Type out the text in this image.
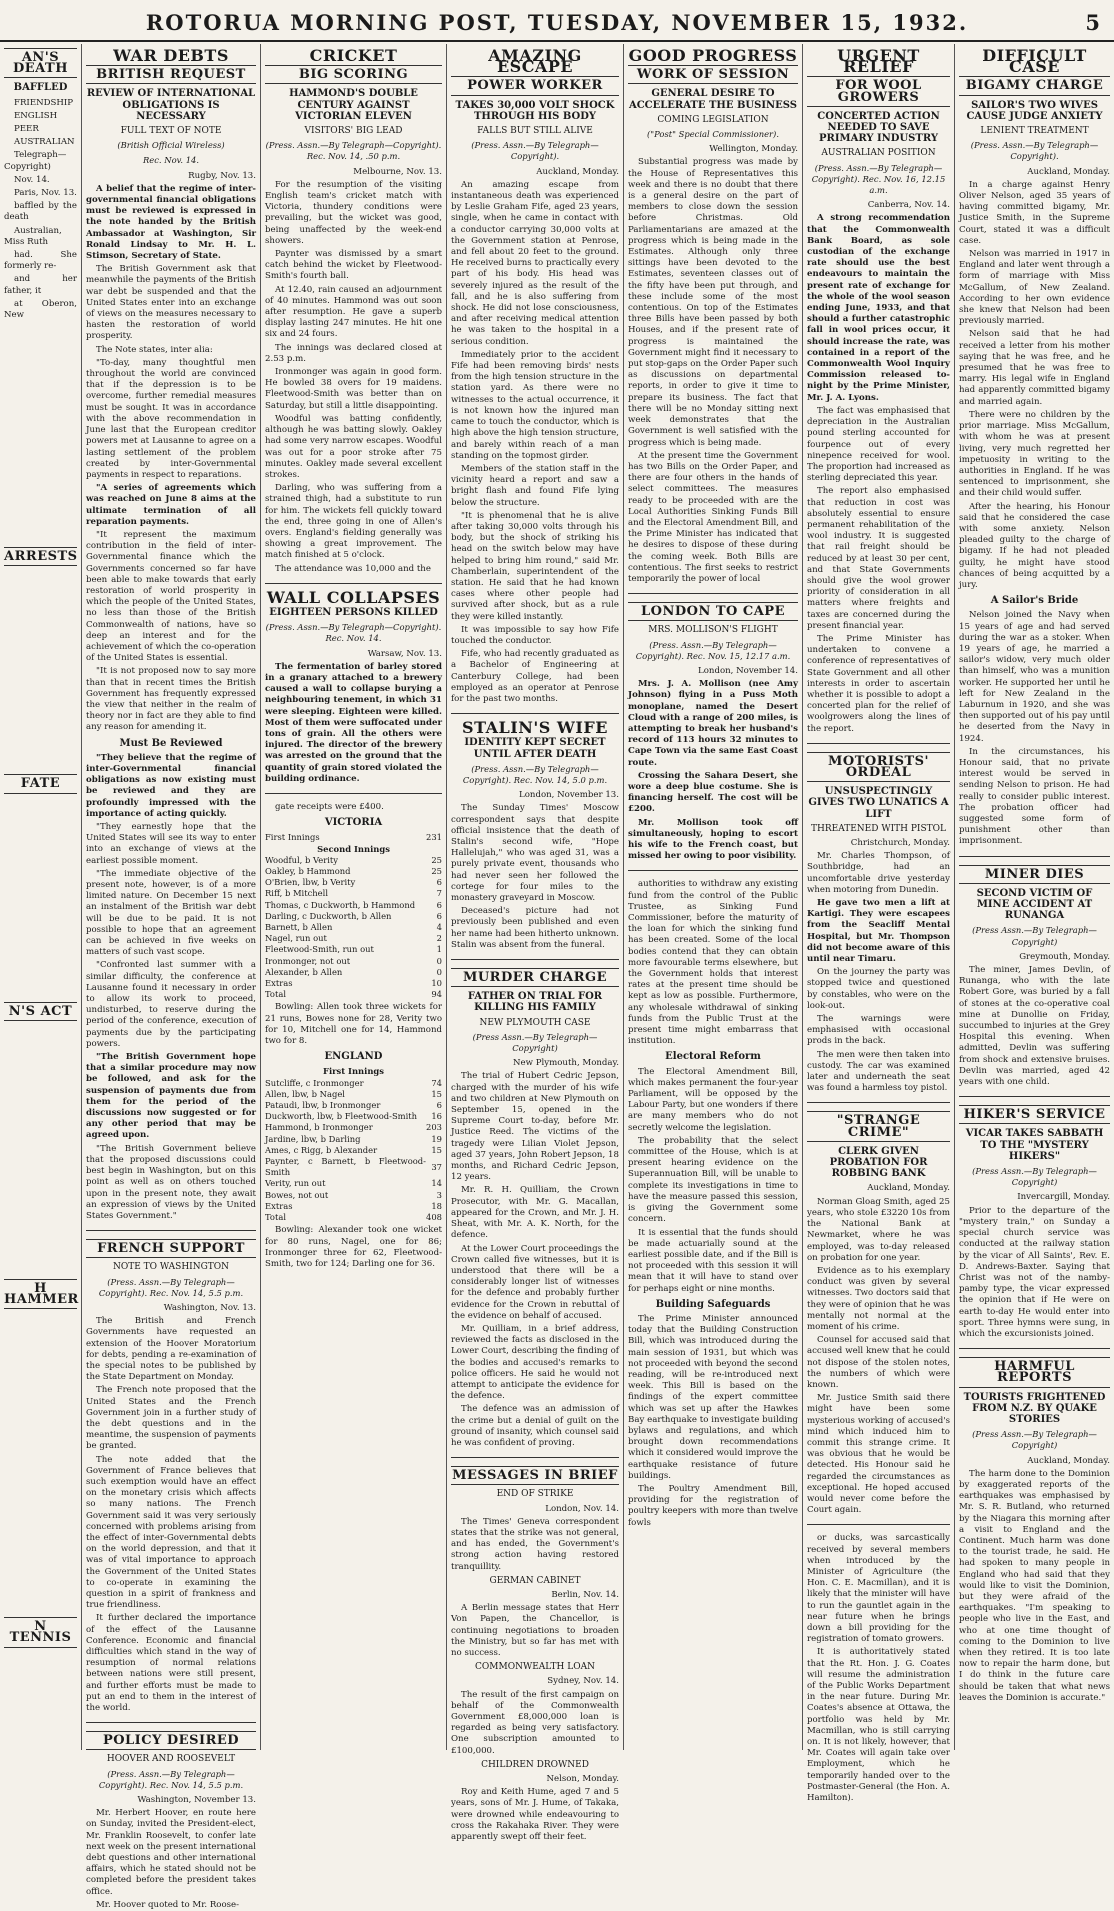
ROTORUA MORNING POST, TUESDAY, NOVEMBER 15, 1932.	5
AN'S DEATH
BAFFLED

FRIENDSHIP

ENGLISH

PEER

AUSTRALIAN

Telegraph—Copyright)

Nov. 14.

Paris, Nov. 13.

baffled by the death

Australian, Miss Ruth

had. She formerly re-

and her father, it

at Oberon, New

ARRESTS
FATE
N'S ACT
H HAMMER
N TENNIS
WAR DEBTS
BRITISH REQUEST
REVIEW OF INTERNATIONAL OBLIGATIONS IS NECESSARY
FULL TEXT OF NOTE
(British Official Wireless)
Rec. Nov. 14.
Rugby, Nov. 13.

A belief that the regime of inter-governmental financial obligations must be reviewed is expressed in the note handed by the British Ambassador at Washington, Sir Ronald Lindsay to Mr. H. L. Stimson, Secretary of State.

The British Government ask that meanwhile the payments of the British war debt be suspended and that the United States enter into an exchange of views on the measures necessary to hasten the restoration of world prosperity.

The Note states, inter alia:

"To-day, many thoughtful men throughout the world are convinced that if the depression is to be overcome, further remedial measures must be sought. It was in accordance with the above recommendation in June last that the European creditor powers met at Lausanne to agree on a lasting settlement of the problem created by inter-Governmental payments in respect to reparations.

"A series of agreements which was reached on June 8 aims at the ultimate termination of all reparation payments.

"It represent the maximum contribution in the field of inter-Governmental finance which the Governments concerned so far have been able to make towards that early restoration of world prosperity in which the people of the United States, no less than those of the British Commonwealth of nations, have so deep an interest and for the achievement of which the co-operation of the United States is essential.

"It is not proposed now to say more than that in recent times the British Government has frequently expressed the view that neither in the realm of theory nor in fact are they able to find any reason for amending it.

Must Be Reviewed

"They believe that the regime of inter-Governmental financial obligations as now existing must be reviewed and they are profoundly impressed with the importance of acting quickly.

"They earnestly hope that the United States will see its way to enter into an exchange of views at the earliest possible moment.

"The immediate objective of the present note, however, is of a more limited nature. On December 15 next an instalment of the British war debt will be due to be paid. It is not possible to hope that an agreement can be achieved in five weeks on matters of such vast scope.

"Confronted last summer with a similar difficulty, the conference at Lausanne found it necessary in order to allow its work to proceed, undisturbed, to reserve during the period of the conference, execution of payments due by the participating powers.

"The British Government hope that a similar procedure may now be followed, and ask for the suspension of payments due from them for the period of the discussions now suggested or for any other period that may be agreed upon.

"The British Government believe that the proposed discussions could best begin in Washington, but on this point as well as on others touched upon in the present note, they await an expression of views by the United States Government."

FRENCH SUPPORT
NOTE TO WASHINGTON
(Press. Assn.—By Telegraph—Copyright). Rec. Nov. 14, 5.5 p.m.
Washington, Nov. 13.

The British and French Governments have requested an extension of the Hoover Moratorium for debts, pending a re-examination of the special notes to be published by the State Department on Monday.

The French note proposed that the United States and the French Government join in a further study of the debt questions and in the meantime, the suspension of payments be granted.

The note added that the Government of France believes that such exemption would have an effect on the monetary crisis which affects so many nations. The French Government said it was very seriously concerned with problems arising from the effect of inter-Governmental debts on the world depression, and that it was of vital importance to approach the Government of the United States to co-operate in examining the question in a spirit of frankness and true friendliness.

It further declared the importance of the effect of the Lausanne Conference. Economic and financial difficulties which stand in the way of resumption of normal relations between nations were still present, and further efforts must be made to put an end to them in the interest of the world.

POLICY DESIRED
HOOVER AND ROOSEVELT
(Press. Assn.—By Telegraph—Copyright). Rec. Nov. 14, 5.5 p.m.
Washington, November 13.

Mr. Herbert Hoover, en route here on Sunday, invited the President-elect, Mr. Franklin Roosevelt, to confer late next week on the present international debt questions and other international affairs, which he stated should not be completed before the president takes office.

Mr. Hoover quoted to Mr. Roose-

CRICKET
BIG SCORING
HAMMOND'S DOUBLE CENTURY AGAINST VICTORIAN ELEVEN
VISITORS' BIG LEAD
(Press. Assn.—By Telegraph—Copyright). Rec. Nov. 14, .50 p.m.
Melbourne, Nov. 13.

For the resumption of the visiting English team's cricket match with Victoria, thundery conditions were prevailing, but the wicket was good, being unaffected by the week-end showers.

Paynter was dismissed by a smart catch behind the wicket by Fleetwood-Smith's fourth ball.

At 12.40, rain caused an adjournment of 40 minutes. Hammond was out soon after resumption. He gave a superb display lasting 247 minutes. He hit one six and 24 fours.

The innings was declared closed at 2.53 p.m.

Ironmonger was again in good form. He bowled 38 overs for 19 maidens. Fleetwood-Smith was better than on Saturday, but still a little disappointing.

Woodful was batting confidently, although he was batting slowly. Oakley had some very narrow escapes. Woodful was out for a poor stroke after 75 minutes. Oakley made several excellent strokes.

Darling, who was suffering from a strained thigh, had a substitute to run for him. The wickets fell quickly toward the end, three going in one of Allen's overs. England's fielding generally was showing a great improvement. The match finished at 5 o'clock.

The attendance was 10,000 and the

WALL COLLAPSES
EIGHTEEN PERSONS KILLED
(Press. Assn.—By Telegraph—Copyright). Rec. Nov. 14.
Warsaw, Nov. 13.

The fermentation of barley stored in a granary attached to a brewery caused a wall to collapse burying a neighbouring tenement, in which 31 were sleeping. Eighteen were killed. Most of them were suffocated under tons of grain. All the others were injured. The director of the brewery was arrested on the ground that the quantity of grain stored violated the building ordinance.

gate receipts were £400.

VICTORIA
First Innings	231
Second Innings	
Woodful, b Verity	25
Oakley, b Hammond	25
O'Brien, lbw, b Verity	6
Riff, b Mitchell	7
Thomas, c Duckworth, b Hammond	6
Darling, c Duckworth, b Allen	6
Barnett, b Allen	4
Nagel, run out	2
Fleetwood-Smith, run out	1
Ironmonger, not out	0
Alexander, b Allen	0
Extras	10
Total	94

Bowling: Allen took three wickets for 21 runs, Bowes none for 28, Verity two for 10, Mitchell one for 14, Hammond two for 8.

ENGLAND
First Innings	
Sutcliffe, c Ironmonger	74
Allen, lbw, b Nagel	15
Pataudi, lbw, b Ironmonger	6
Duckworth, lbw, b Fleetwood-Smith	16
Hammond, b Ironmonger	203
Jardine, lbw, b Darling	19
Ames, c Rigg, b Alexander	15
Paynter, c Barnett, b Fleetwood-Smith	37
Verity, run out	14
Bowes, not out	3
Extras	18
Total	408

Bowling: Alexander took one wicket for 80 runs, Nagel, one for 86; Ironmonger three for 62, Fleetwood-Smith, two for 124; Darling one for 36.

AMAZING ESCAPE
POWER WORKER
TAKES 30,000 VOLT SHOCK THROUGH HIS BODY
FALLS BUT STILL ALIVE
(Press. Assn.—By Telegraph—Copyright).
Auckland, Monday.

An amazing escape from instantaneous death was experienced by Leslie Graham Fife, aged 23 years, single, when he came in contact with a conductor carrying 30,000 volts at the Government station at Penrose, and fell about 20 feet to the ground. He received burns to practically every part of his body. His head was severely injured as the result of the fall, and he is also suffering from shock. He did not lose consciousness, and after receiving medical attention he was taken to the hospital in a serious condition.

Immediately prior to the accident Fife had been removing birds' nests from the high tension structure in the station yard. As there were no witnesses to the actual occurrence, it is not known how the injured man came to touch the conductor, which is high above the high tension structure, and barely within reach of a man standing on the topmost girder.

Members of the station staff in the vicinity heard a report and saw a bright flash and found Fife lying below the structure.

"It is phenomenal that he is alive after taking 30,000 volts through his body, but the shock of striking his head on the switch below may have helped to bring him round," said Mr. Chamberlain, superintendent of the station. He said that he had known cases where other people had survived after shock, but as a rule they were killed instantly.

It was impossible to say how Fife touched the conductor.

Fife, who had recently graduated as a Bachelor of Engineering at Canterbury College, had been employed as an operator at Penrose for the past two months.

STALIN'S WIFE
IDENTITY KEPT SECRET UNTIL AFTER DEATH
(Press. Assn.—By Telegraph—Copyright). Rec. Nov. 14, 5.0 p.m.
London, November 13.

The Sunday Times' Moscow correspondent says that despite official insistence that the death of Stalin's second wife, "Hope Hallelujah," who was aged 31, was a purely private event, thousands who had never seen her followed the cortege for four miles to the monastery graveyard in Moscow.

Deceased's picture had not previously been published and even her name had been hitherto unknown. Stalin was absent from the funeral.

MURDER CHARGE
FATHER ON TRIAL FOR KILLING HIS FAMILY
NEW PLYMOUTH CASE
(Press Assn.—By Telegraph—Copyright)
New Plymouth, Monday.

The trial of Hubert Cedric Jepson, charged with the murder of his wife and two children at New Plymouth on September 15, opened in the Supreme Court to-day, before Mr. Justice Reed. The victims of the tragedy were Lilian Violet Jepson, aged 37 years, John Robert Jepson, 18 months, and Richard Cedric Jepson, 12 years.

Mr. R. H. Quilliam, the Crown Prosecutor, with Mr. G. Macallan, appeared for the Crown, and Mr. J. H. Sheat, with Mr. A. K. North, for the defence.

At the Lower Court proceedings the Crown called five witnesses, but it is understood that there will be a considerably longer list of witnesses for the defence and probably further evidence for the Crown in rebuttal of the evidence on behalf of accused.

Mr. Quilliam, in a brief address, reviewed the facts as disclosed in the Lower Court, describing the finding of the bodies and accused's remarks to police officers. He said he would not attempt to anticipate the evidence for the defence.

The defence was an admission of the crime but a denial of guilt on the ground of insanity, which counsel said he was confident of proving.

MESSAGES IN BRIEF
END OF STRIKE
London, Nov. 14.

The Times' Geneva correspondent states that the strike was not general, and has ended, the Government's strong action having restored tranquillity.

GERMAN CABINET
Berlin, Nov. 14.

A Berlin message states that Herr Von Papen, the Chancellor, is continuing negotiations to broaden the Ministry, but so far has met with no success.

COMMONWEALTH LOAN
Sydney, Nov. 14.

The result of the first campaign on behalf of the Commonwealth Government £8,000,000 loan is regarded as being very satisfactory. One subscription amounted to £100,000.

CHILDREN DROWNED
Nelson, Monday.

Roy and Keith Hume, aged 7 and 5 years, sons of Mr. J. Hume, of Takaka, were drowned while endeavouring to cross the Rakahaka River. They were apparently swept off their feet.

GOOD PROGRESS
WORK OF SESSION
GENERAL DESIRE TO ACCELERATE THE BUSINESS
COMING LEGISLATION
("Post" Special Commissioner).
Wellington, Monday.

Substantial progress was made by the House of Representatives this week and there is no doubt that there is a general desire on the part of members to close down the session before Christmas. Old Parliamentarians are amazed at the progress which is being made in the Estimates. Although only three sittings have been devoted to the Estimates, seventeen classes out of the fifty have been put through, and these include some of the most contentious. On top of the Estimates three Bills have been passed by both Houses, and if the present rate of progress is maintained the Government might find it necessary to put stop-gaps on the Order Paper such as discussions on departmental reports, in order to give it time to prepare its business. The fact that there will be no Monday sitting next week demonstrates that the Government is well satisfied with the progress which is being made.

At the present time the Government has two Bills on the Order Paper, and there are four others in the hands of select committees. The measures ready to be proceeded with are the Local Authorities Sinking Funds Bill and the Electoral Amendment Bill, and the Prime Minister has indicated that he desires to dispose of these during the coming week. Both Bills are contentious. The first seeks to restrict temporarily the power of local

LONDON TO CAPE
MRS. MOLLISON'S FLIGHT
(Press. Assn.—By Telegraph—Copyright). Rec. Nov. 15, 12.17 a.m.
London, November 14.

Mrs. J. A. Mollison (nee Amy Johnson) flying in a Puss Moth monoplane, named the Desert Cloud with a range of 200 miles, is attempting to break her husband's record of 113 hours 32 minutes to Cape Town via the same East Coast route.

Crossing the Sahara Desert, she wore a deep blue costume. She is financing herself. The cost will be £200.

Mr. Mollison took off simultaneously, hoping to escort his wife to the French coast, but missed her owing to poor visibility.

authorities to withdraw any existing fund from the control of the Public Trustee, as Sinking Fund Commissioner, before the maturity of the loan for which the sinking fund has been created. Some of the local bodies contend that they can obtain more favourable terms elsewhere, but the Government holds that interest rates at the present time should be kept as low as possible. Furthermore, any wholesale withdrawal of sinking funds from the Public Trust at the present time might embarrass that institution.

Electoral Reform

The Electoral Amendment Bill, which makes permanent the four-year Parliament, will be opposed by the Labour Party, but one wonders if there are many members who do not secretly welcome the legislation.

The probability that the select committee of the House, which is at present hearing evidence on the Superannuation Bill, will be unable to complete its investigations in time to have the measure passed this session, is giving the Government some concern.

It is essential that the funds should be made actuarially sound at the earliest possible date, and if the Bill is not proceeded with this session it will mean that it will have to stand over for perhaps eight or nine months.

Building Safeguards

The Prime Minister announced today that the Building Construction Bill, which was introduced during the main session of 1931, but which was not proceeded with beyond the second reading, will be re-introduced next week. This Bill is based on the findings of the expert committee which was set up after the Hawkes Bay earthquake to investigate building bylaws and regulations, and which brought down recommendations which it considered would improve the earthquake resistance of future buildings.

The Poultry Amendment Bill, providing for the registration of poultry keepers with more than twelve fowls

URGENT RELIEF
FOR WOOL GROWERS
CONCERTED ACTION NEEDED TO SAVE PRIMARY INDUSTRY
AUSTRALIAN POSITION
(Press. Assn.—By Telegraph—Copyright). Rec. Nov. 16, 12.15 a.m.
Canberra, Nov. 14.

A strong recommendation that the Commonwealth Bank Board, as sole custodian of the exchange rate should use the best endeavours to maintain the present rate of exchange for the whole of the wool season ending June, 1933, and that should a further catastrophic fall in wool prices occur, it should increase the rate, was contained in a report of the Commonwealth Wool Inquiry Commission released to-night by the Prime Minister, Mr. J. A. Lyons.

The fact was emphasised that depreciation in the Australian pound sterling accounted for fourpence out of every ninepence received for wool. The proportion had increased as sterling depreciated this year.

The report also emphasised that reduction in cost was absolutely essential to ensure permanent rehabilitation of the wool industry. It is suggested that rail freight should be reduced by at least 30 per cent, and that State Governments should give the wool grower priority of consideration in all matters where freights and taxes are concerned during the present financial year.

The Prime Minister has undertaken to convene a conference of representatives of State Government and all other interests in order to ascertain whether it is possible to adopt a concerted plan for the relief of woolgrowers along the lines of the report.

MOTORISTS' ORDEAL
UNSUSPECTINGLY GIVES TWO LUNATICS A LIFT
THREATENED WITH PISTOL
Christchurch, Monday.

Mr. Charles Thompson, of Southbridge, had an uncomfortable drive yesterday when motoring from Dunedin.

He gave two men a lift at Kartigi. They were escapees from the Seacliff Mental Hospital, but Mr. Thompson did not become aware of this until near Timaru.

On the journey the party was stopped twice and questioned by constables, who were on the look-out.

The warnings were emphasised with occasional prods in the back.

The men were then taken into custody. The car was examined later and underneath the seat was found a harmless toy pistol.

"STRANGE CRIME"
CLERK GIVEN PROBATION FOR ROBBING BANK
Auckland, Monday.

Norman Gloag Smith, aged 25 years, who stole £3220 10s from the National Bank at Newmarket, where he was employed, was to-day released on probation for one year.

Evidence as to his exemplary conduct was given by several witnesses. Two doctors said that they were of opinion that he was mentally not normal at the moment of his crime.

Counsel for accused said that accused well knew that he could not dispose of the stolen notes, the numbers of which were known.

Mr. Justice Smith said there might have been some mysterious working of accused's mind which induced him to commit this strange crime. It was obvious that he would be detected. His Honour said he regarded the circumstances as exceptional. He hoped accused would never come before the Court again.

or ducks, was sarcastically received by several members when introduced by the Minister of Agriculture (the Hon. C. E. Macmillan), and it is likely that the minister will have to run the gauntlet again in the near future when he brings down a bill providing for the registration of tomato growers.

It is authoritatively stated that the Rt. Hon. J. G. Coates will resume the administration of the Public Works Department in the near future. During Mr. Coates's absence at Ottawa, the portfolio was held by Mr. Macmillan, who is still carrying on. It is not likely, however, that Mr. Coates will again take over Employment, which he temporarily handed over to the Postmaster-General (the Hon. A. Hamilton).

DIFFICULT CASE
BIGAMY CHARGE
SAILOR'S TWO WIVES CAUSE JUDGE ANXIETY
LENIENT TREATMENT
(Press. Assn.—By Telegraph—Copyright).
Auckland, Monday.

In a charge against Henry Oliver Nelson, aged 35 years of having committed bigamy, Mr. Justice Smith, in the Supreme Court, stated it was a difficult case.

Nelson was married in 1917 in England and later went through a form of marriage with Miss McGallum, of New Zealand. According to her own evidence she knew that Nelson had been previously married.

Nelson said that he had received a letter from his mother saying that he was free, and he presumed that he was free to marry. His legal wife in England had apparently committed bigamy and married again.

There were no children by the prior marriage. Miss McGallum, with whom he was at present living, very much regretted her impetuosity in writing to the authorities in England. If he was sentenced to imprisonment, she and their child would suffer.

After the hearing, his Honour said that he considered the case with some anxiety. Nelson pleaded guilty to the charge of bigamy. If he had not pleaded guilty, he might have stood chances of being acquitted by a jury.

A Sailor's Bride

Nelson joined the Navy when 15 years of age and had served during the war as a stoker. When 19 years of age, he married a sailor's widow, very much older than himself, who was a munition worker. He supported her until he left for New Zealand in the Laburnum in 1920, and she was then supported out of his pay until he deserted from the Navy in 1924.

In the circumstances, his Honour said, that no private interest would be served in sending Nelson to prison. He had really to consider public interest. The probation officer had suggested some form of punishment other than imprisonment.

MINER DIES
SECOND VICTIM OF MINE ACCIDENT AT RUNANGA
(Press Assn.—By Telegraph—Copyright)
Greymouth, Monday.

The miner, James Devlin, of Runanga, who with the late Robert Gore, was buried by a fall of stones at the co-operative coal mine at Dunollie on Friday, succumbed to injuries at the Grey Hospital this evening. When admitted, Devlin was suffering from shock and extensive bruises. Devlin was married, aged 42 years with one child.

HIKER'S SERVICE
VICAR TAKES SABBATH TO THE "MYSTERY HIKERS"
(Press Assn.—By Telegraph—Copyright)
Invercargill, Monday.

Prior to the departure of the "mystery train," on Sunday a special church service was conducted at the railway station by the vicar of All Saints', Rev. E. D. Andrews-Baxter. Saying that Christ was not of the namby-pamby type, the vicar expressed the opinion that if He were on earth to-day He would enter into sport. Three hymns were sung, in which the excursionists joined.

HARMFUL REPORTS
TOURISTS FRIGHTENED FROM N.Z. BY QUAKE STORIES
(Press Assn.—By Telegraph—Copyright)
Auckland, Monday.

The harm done to the Dominion by exaggerated reports of the earthquakes was emphasised by Mr. S. R. Butland, who returned by the Niagara this morning after a visit to England and the Continent. Much harm was done to the tourist trade, he said. He had spoken to many people in England who had said that they would like to visit the Dominion, but they were afraid of the earthquakes. "I'm speaking to people who live in the East, and who at one time thought of coming to the Dominion to live when they retired. It is too late now to repair the harm done, but I do think in the future care should be taken that what news leaves the Dominion is accurate."
